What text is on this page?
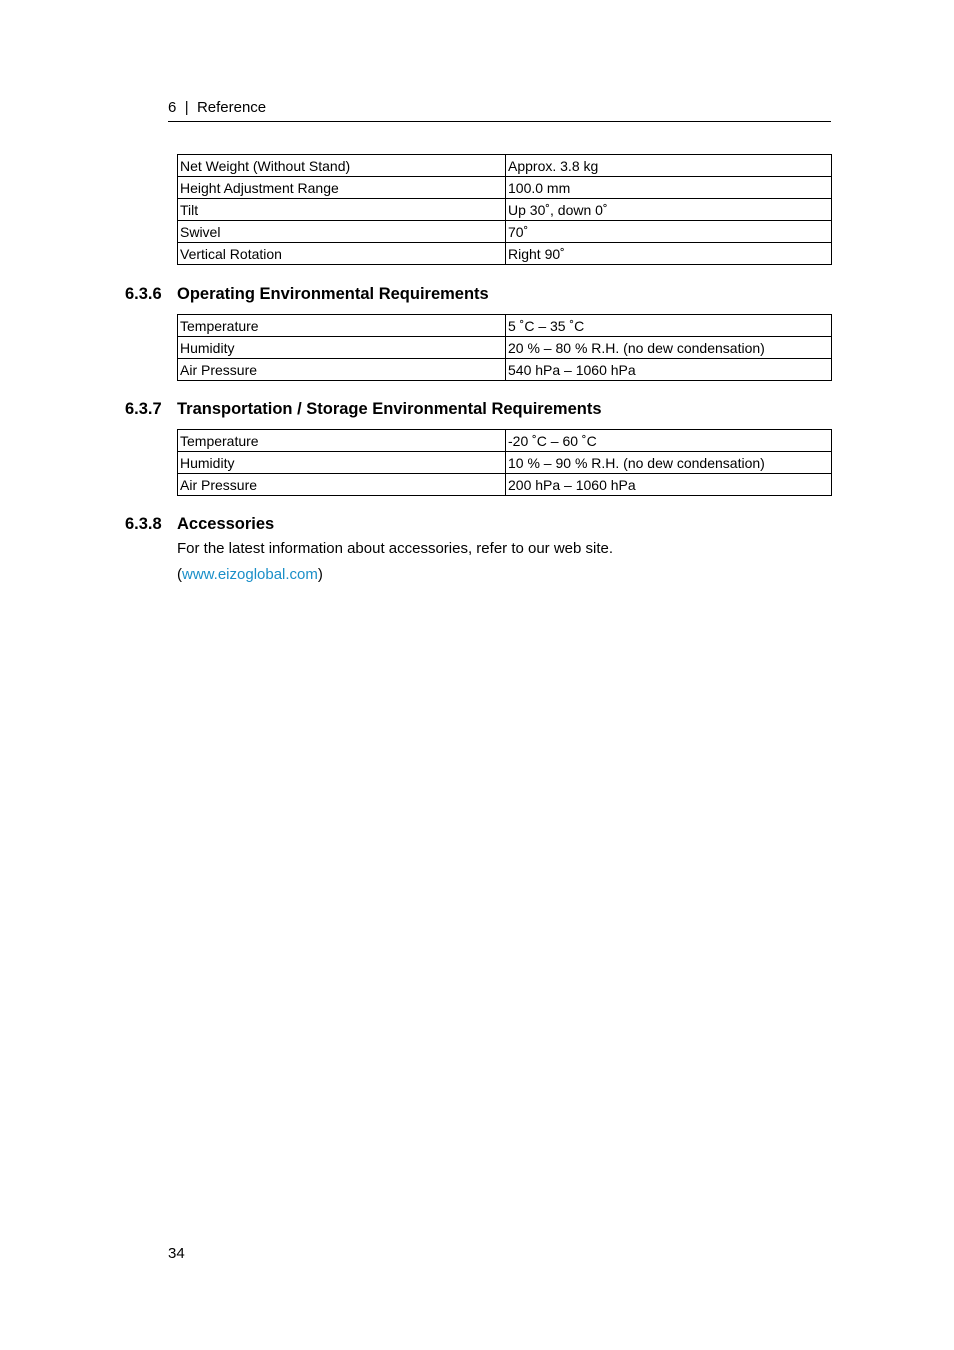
6 | Reference
Net Weight (Without Stand)	Approx. 3.8 kg
Height Adjustment Range	100.0 mm
Tilt	Up 30˚, down 0˚
Swivel	70˚
Vertical Rotation	Right 90˚
6.3.6 Operating Environmental Requirements
Temperature	5 ˚C – 35 ˚C
Humidity	20 % – 80 % R.H. (no dew condensation)
Air Pressure	540 hPa – 1060 hPa
6.3.7 Transportation / Storage Environmental Requirements
Temperature	-20 ˚C – 60 ˚C
Humidity	10 % – 90 % R.H. (no dew condensation)
Air Pressure	200 hPa – 1060 hPa
6.3.8 Accessories
For the latest information about accessories, refer to our web site.
(www.eizoglobal.com)
34
